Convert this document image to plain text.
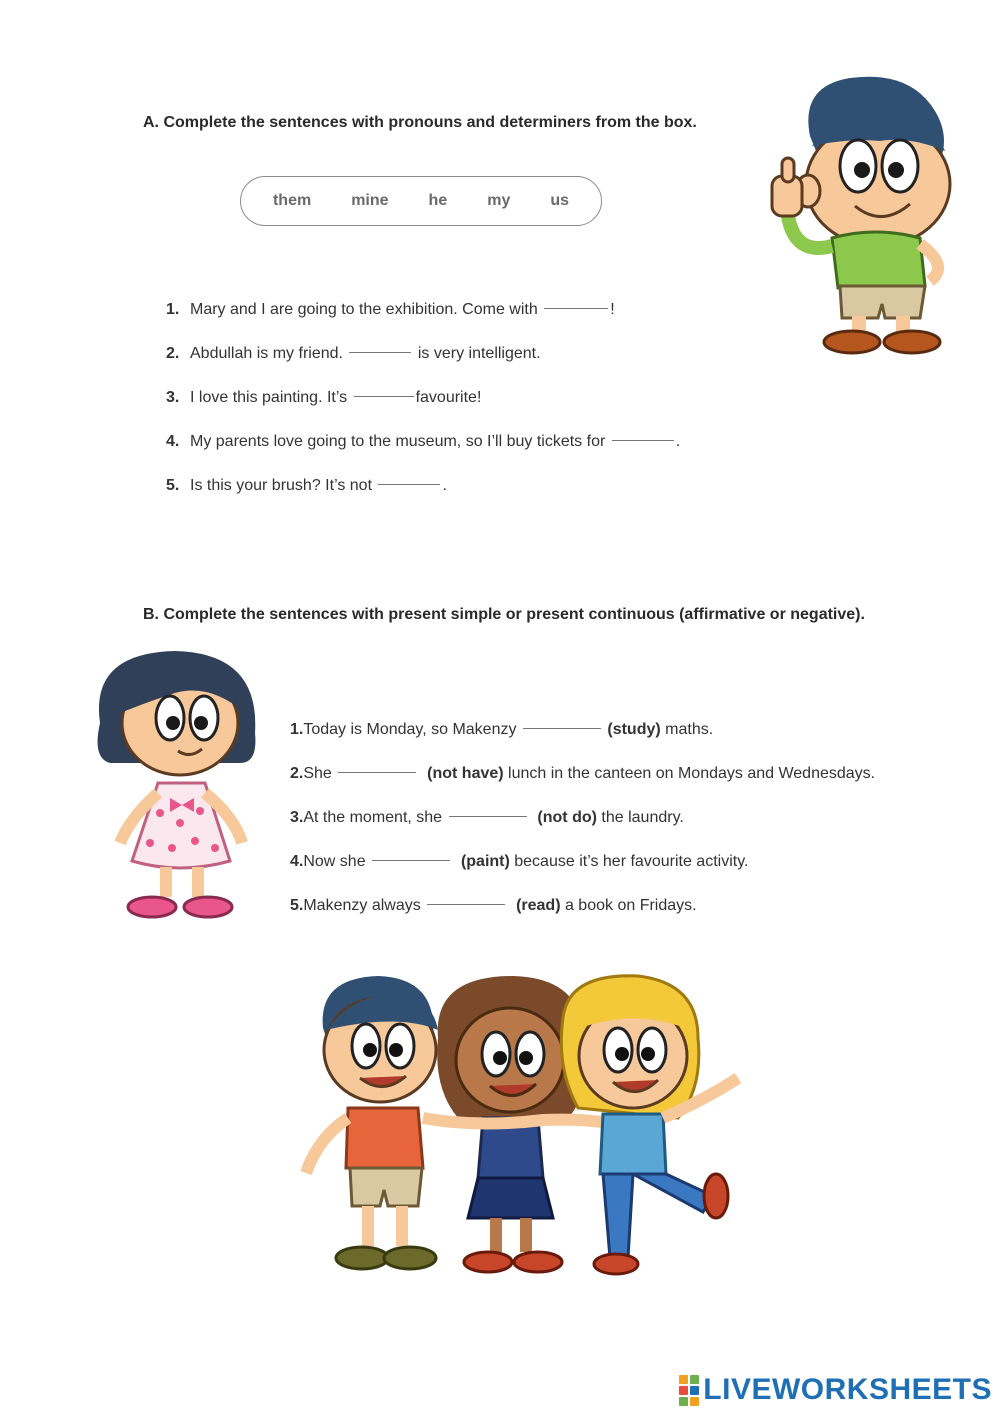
A. Complete the sentences with pronouns and determiners from the box.
them	mine	he	my	us
1. Mary and I are going to the exhibition. Come with	!
2. Abdullah is my friend.	is very intelligent.
3. I love this painting. It’s	favourite!
4. My parents love going to the museum, so I’ll buy tickets for	.
5. Is this your brush? It’s not	.
B. Complete the sentences with present simple or present continuous (affirmative or negative).
1.Today is Monday, so Makenzy	(study) maths.
2.She	(not have) lunch in the canteen on Mondays and Wednesdays.
3.At the moment, she	(not do) the laundry.
4.Now she	(paint) because it’s her favourite activity.
5.Makenzy always	(read) a book on Fridays.
LIVEWORKSHEETS
